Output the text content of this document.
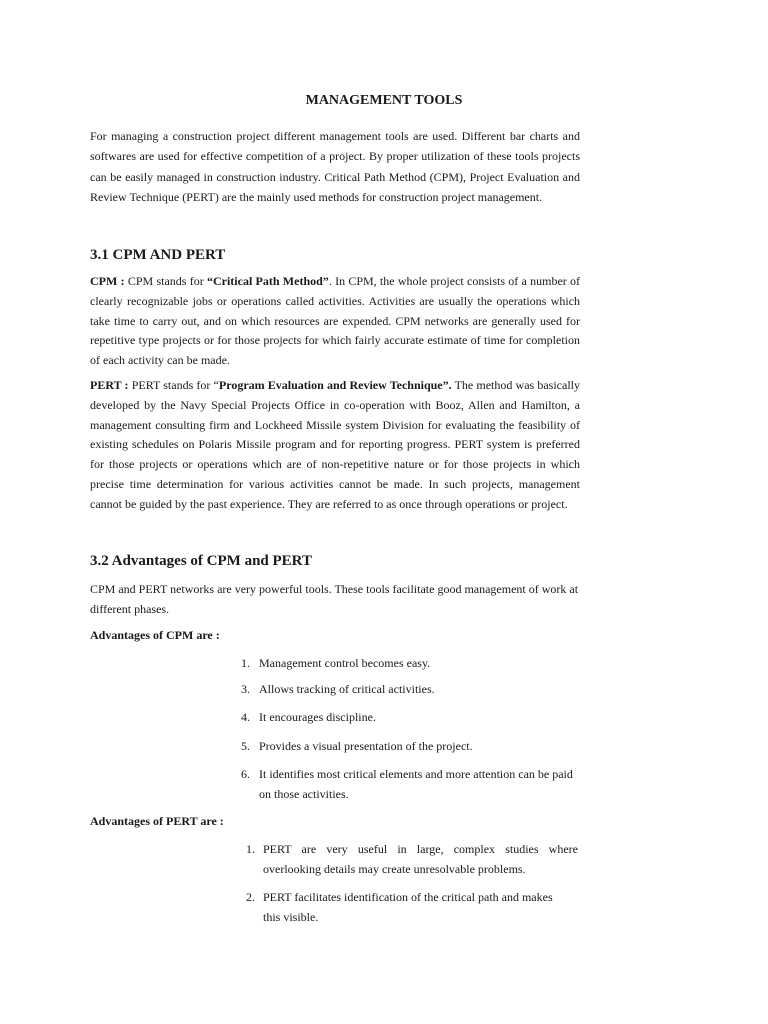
MANAGEMENT TOOLS

For managing a construction project different management tools are used. Different bar charts and softwares are used for effective competition of a project. By proper utilization of these tools projects can be easily managed in construction industry. Critical Path Method (CPM), Project Evaluation and Review Technique (PERT) are the mainly used methods for construction project management.

3.1 CPM AND PERT

CPM : CPM stands for “Critical Path Method”. In CPM, the whole project consists of a number of clearly recognizable jobs or operations called activities. Activities are usually the operations which take time to carry out, and on which resources are expended. CPM networks are generally used for repetitive type projects or for those projects for which fairly accurate estimate of time for completion of each activity can be made.

PERT : PERT stands for “Program Evaluation and Review Technique”. The method was basically developed by the Navy Special Projects Office in co-operation with Booz, Allen and Hamilton, a management consulting firm and Lockheed Missile system Division for evaluating the feasibility of existing schedules on Polaris Missile program and for reporting progress. PERT system is preferred for those projects or operations which are of non-repetitive nature or for those projects in which precise time determination for various activities cannot be made. In such projects, management cannot be guided by the past experience. They are referred to as once through operations or project.

3.2 Advantages of CPM and PERT

CPM and PERT networks are very powerful tools. These tools facilitate good management of work at different phases.

Advantages of CPM are :
1. Management control becomes easy.
3. Allows tracking of critical activities.
4. It encourages discipline.
5. Provides a visual presentation of the project.
6. It identifies most critical elements and more attention can be paid on those activities.
Advantages of PERT are :
1. PERT are very useful in large, complex studies where overlooking details may create unresolvable problems.
2. PERT facilitates identification of the critical path and makes this visible.
